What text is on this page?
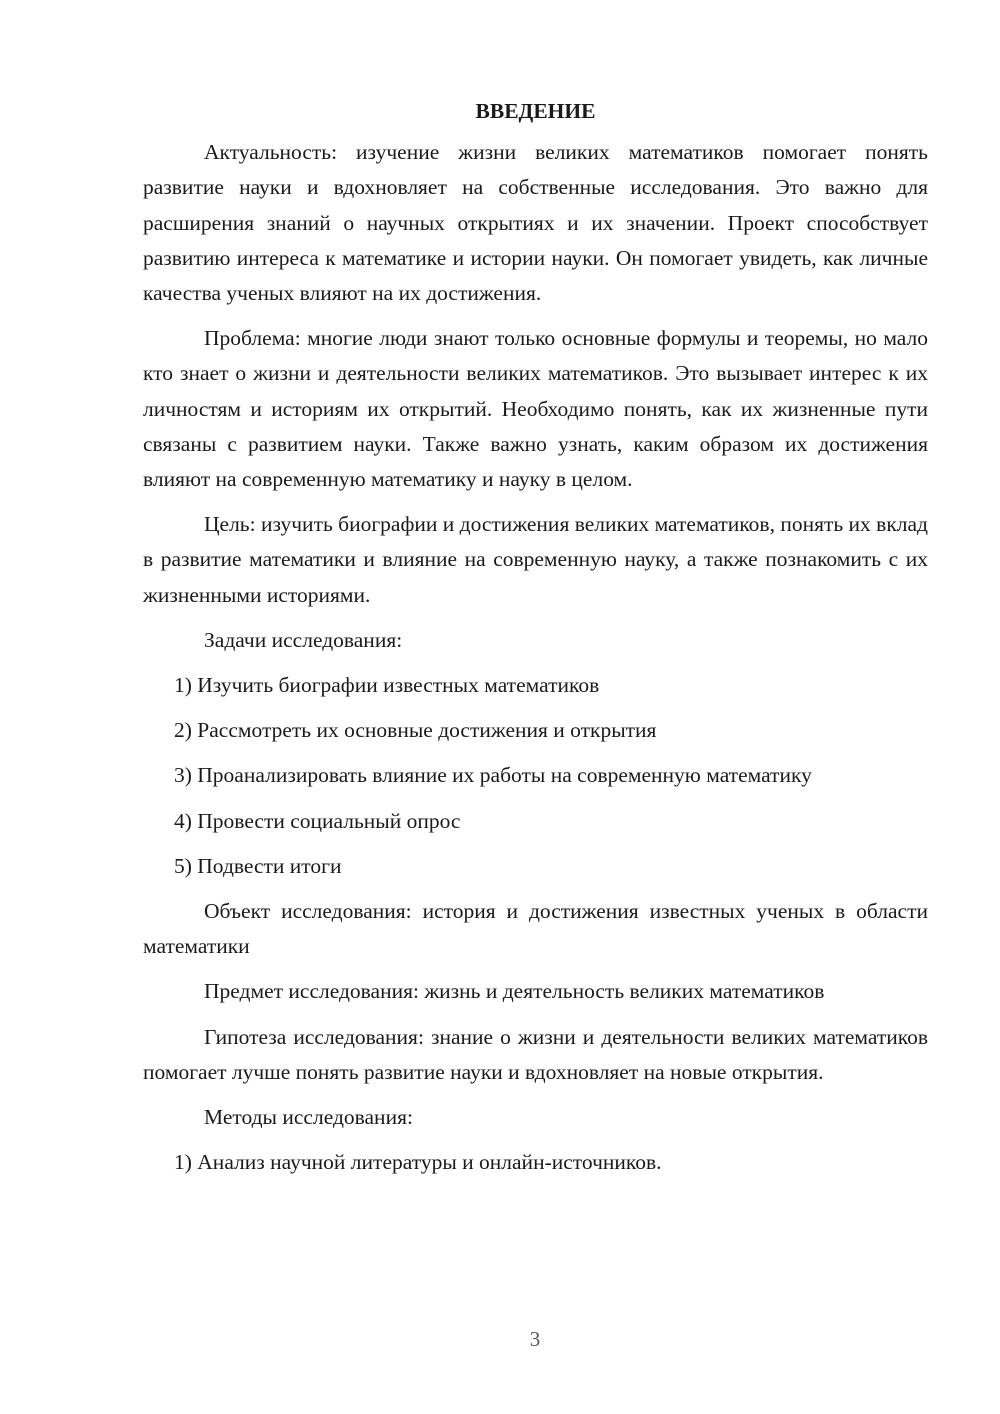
ВВЕДЕНИЕ

Актуальность: изучение жизни великих математиков помогает понять развитие науки и вдохновляет на собственные исследования. Это важно для расширения знаний о научных открытиях и их значении. Проект способствует развитию интереса к математике и истории науки. Он помогает увидеть, как личные качества ученых влияют на их достижения.

Проблема: многие люди знают только основные формулы и теоремы, но мало кто знает о жизни и деятельности великих математиков. Это вызывает интерес к их личностям и историям их открытий. Необходимо понять, как их жизненные пути связаны с развитием науки. Также важно узнать, каким образом их достижения влияют на современную математику и науку в целом.

Цель: изучить биографии и достижения великих математиков, понять их вклад в развитие математики и влияние на современную науку, а также познакомить с их жизненными историями.

Задачи исследования:
1) Изучить биографии известных математиков
2) Рассмотреть их основные достижения и открытия
3) Проанализировать влияние их работы на современную математику
4) Провести социальный опрос
5) Подвести итоги

Объект исследования: история и достижения известных ученых в области математики

Предмет исследования: жизнь и деятельность великих математиков

Гипотеза исследования: знание о жизни и деятельности великих математиков помогает лучше понять развитие науки и вдохновляет на новые открытия.

Методы исследования:
1) Анализ научной литературы и онлайн-источников.
3
